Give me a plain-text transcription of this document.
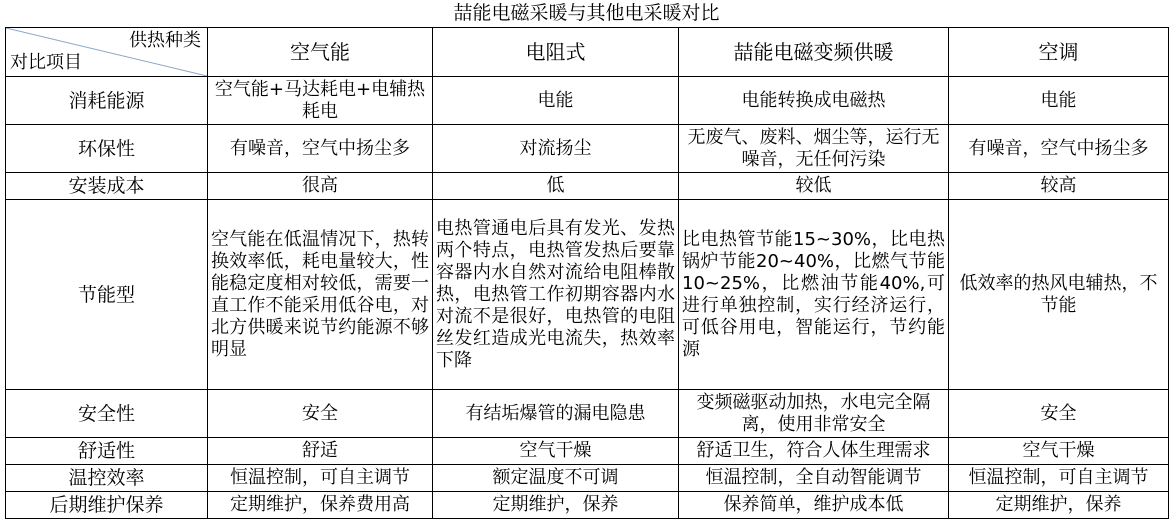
喆能电磁采暖与其他电采暖对比
供热种类
对比项目	空气能	电阻式	喆能电磁变频供暖	空调
消耗能源	空气能+马达耗电+电辅热耗电	电能	电能转换成电磁热	电能
环保性	有噪音，空气中扬尘多	对流扬尘	无废气、废料、烟尘等，运行无噪音，无任何污染	有噪音，空气中扬尘多
安装成本	很高	低	较低	较高
节能型	空气能在低温情况下，热转换效率低，耗电量较大，性能稳定度相对较低，需要一直工作不能采用低谷电，对北方供暖来说节约能源不够明显	电热管通电后具有发光、发热两个特点，电热管发热后要靠容器内水自然对流给电阻棒散热，电热管工作初期容器内水对流不是很好，电热管的电阻丝发红造成光电流失，热效率下降	比电热管节能15~30%，比电热锅炉节能20~40%，比燃气节能10~25%，比燃油节能40%,可进行单独控制，实行经济运行，可低谷用电，智能运行，节约能源	低效率的热风电辅热，不节能
安全性	安全	有结垢爆管的漏电隐患	变频磁驱动加热，水电完全隔离，使用非常安全	安全
舒适性	舒适	空气干燥	舒适卫生，符合人体生理需求	空气干燥
温控效率	恒温控制，可自主调节	额定温度不可调	恒温控制，全自动智能调节	恒温控制，可自主调节
后期维护保养	定期维护，保养费用高	定期维护，保养	保养简单，维护成本低	定期维护，保养
